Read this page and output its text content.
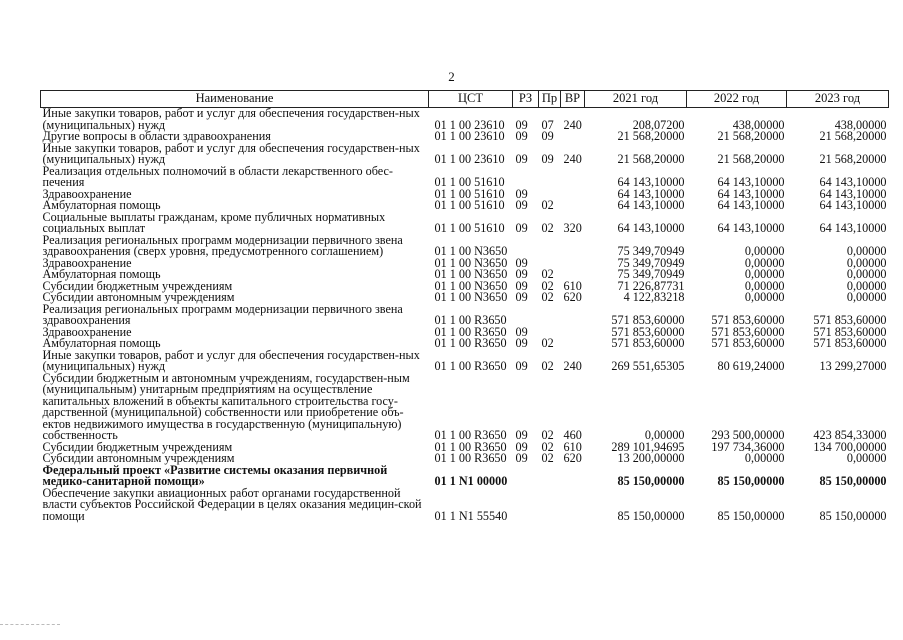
2
Наименование	ЦСТ	РЗ	Пр	ВР	2021 год	2022 год	2023 год
Иные закупки товаров, работ и услуг для обеспечения государствен-ных (муниципальных) нужд	01 1 00 23610	09	07	240	208,07200	438,00000	438,00000
Другие вопросы в области здравоохранения	01 1 00 23610	09	09		21 568,20000	21 568,20000	21 568,20000
Иные закупки товаров, работ и услуг для обеспечения государствен-ных (муниципальных) нужд	01 1 00 23610	09	09	240	21 568,20000	21 568,20000	21 568,20000
Реализация отдельных полномочий в области лекарственного обес-печения	01 1 00 51610				64 143,10000	64 143,10000	64 143,10000
Здравоохранение	01 1 00 51610	09			64 143,10000	64 143,10000	64 143,10000
Амбулаторная помощь	01 1 00 51610	09	02		64 143,10000	64 143,10000	64 143,10000
Социальные выплаты гражданам, кроме публичных нормативных социальных выплат	01 1 00 51610	09	02	320	64 143,10000	64 143,10000	64 143,10000
Реализация региональных программ модернизации первичного звена здравоохранения (сверх уровня, предусмотренного соглашением)	01 1 00 N3650				75 349,70949	0,00000	0,00000
Здравоохранение	01 1 00 N3650	09			75 349,70949	0,00000	0,00000
Амбулаторная помощь	01 1 00 N3650	09	02		75 349,70949	0,00000	0,00000
Субсидии бюджетным учреждениям	01 1 00 N3650	09	02	610	71 226,87731	0,00000	0,00000
Субсидии автономным учреждениям	01 1 00 N3650	09	02	620	4 122,83218	0,00000	0,00000
Реализация региональных программ модернизации первичного звена здравоохранения	01 1 00 R3650				571 853,60000	571 853,60000	571 853,60000
Здравоохранение	01 1 00 R3650	09			571 853,60000	571 853,60000	571 853,60000
Амбулаторная помощь	01 1 00 R3650	09	02		571 853,60000	571 853,60000	571 853,60000
Иные закупки товаров, работ и услуг для обеспечения государствен-ных (муниципальных) нужд	01 1 00 R3650	09	02	240	269 551,65305	80 619,24000	13 299,27000
Субсидии бюджетным и автономным учреждениям, государствен-ным (муниципальным) унитарным предприятиям на осуществление капитальных вложений в объекты капитального строительства госу-дарственной (муниципальной) собственности или приобретение объ-ектов недвижимого имущества в государственную (муниципальную) собственность	01 1 00 R3650	09	02	460	0,00000	293 500,00000	423 854,33000
Субсидии бюджетным учреждениям	01 1 00 R3650	09	02	610	289 101,94695	197 734,36000	134 700,00000
Субсидии автономным учреждениям	01 1 00 R3650	09	02	620	13 200,00000	0,00000	0,00000
Федеральный проект «Развитие системы оказания первичной медико-санитарной помощи»	01 1 N1 00000				85 150,00000	85 150,00000	85 150,00000
Обеспечение закупки авиационных работ органами государственной власти субъектов Российской Федерации в целях оказания медицин-ской помощи	01 1 N1 55540				85 150,00000	85 150,00000	85 150,00000
